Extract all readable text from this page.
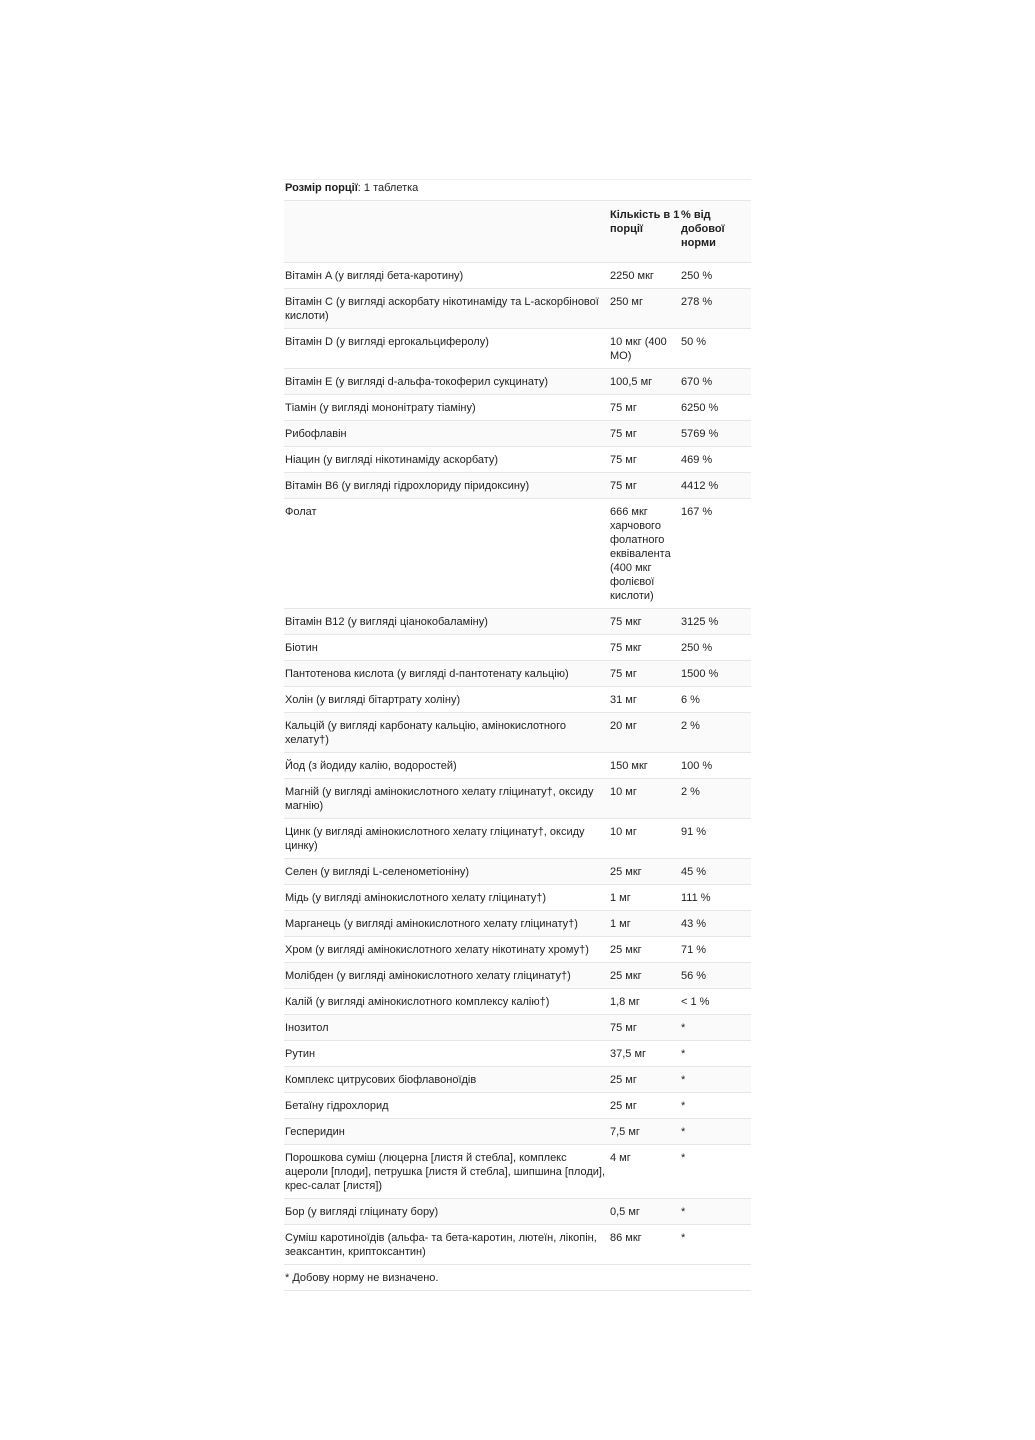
Розмір порції: 1 таблетка
	Кількість в 1 порції	% від добової норми
Вітамін A (у вигляді бета-каротину)	2250 мкг	250 %
Вітамін C (у вигляді аскорбату нікотинаміду та L-аскорбінової кислоти)	250 мг	278 %
Вітамін D (у вигляді ергокальциферолу)	10 мкг (400 МО)	50 %
Вітамін Е (у вигляді d-альфа-токоферил сукцинату)	100,5 мг	670 %
Тіамін (у вигляді мононітрату тіаміну)	75 мг	6250 %
Рибофлавін	75 мг	5769 %
Ніацин (у вигляді нікотинаміду аскорбату)	75 мг	469 %
Вітамін B6 (у вигляді гідрохлориду піридоксину)	75 мг	4412 %
Фолат	666 мкг харчового фолатного еквівалента (400 мкг фолієвої кислоти)	167 %
Вітамін B12 (у вигляді ціанокобаламіну)	75 мкг	3125 %
Біотин	75 мкг	250 %
Пантотенова кислота (у вигляді d-пантотенату кальцію)	75 мг	1500 %
Холін (у вигляді бітартрату холіну)	31 мг	6 %
Кальцій (у вигляді карбонату кальцію, амінокислотного хелату†)	20 мг	2 %
Йод (з йодиду калію, водоростей)	150 мкг	100 %
Магній (у вигляді амінокислотного хелату гліцинату†, оксиду магнію)	10 мг	2 %
Цинк (у вигляді амінокислотного хелату гліцинату†, оксиду цинку)	10 мг	91 %
Селен (у вигляді L-селенометіоніну)	25 мкг	45 %
Мідь (у вигляді амінокислотного хелату гліцинату†)	1 мг	111 %
Марганець (у вигляді амінокислотного хелату гліцинату†)	1 мг	43 %
Хром (у вигляді амінокислотного хелату нікотинату хрому†)	25 мкг	71 %
Молібден (у вигляді амінокислотного хелату гліцинату†)	25 мкг	56 %
Калій (у вигляді амінокислотного комплексу калію†)	1,8 мг	< 1 %
Інозитол	75 мг	*
Рутин	37,5 мг	*
Комплекс цитрусових біофлавоноїдів	25 мг	*
Бетаїну гідрохлорид	25 мг	*
Гесперидин	7,5 мг	*
Порошкова суміш (люцерна [листя й стебла], комплекс ацероли [плоди], петрушка [листя й стебла], шипшина [плоди], крес-салат [листя])	4 мг	*
Бор (у вигляді гліцинату бору)	0,5 мг	*
Суміш каротиноїдів (альфа- та бета-каротин, лютеїн, лікопін, зеаксантин, криптоксантин)	86 мкг	*
* Добову норму не визначено.
